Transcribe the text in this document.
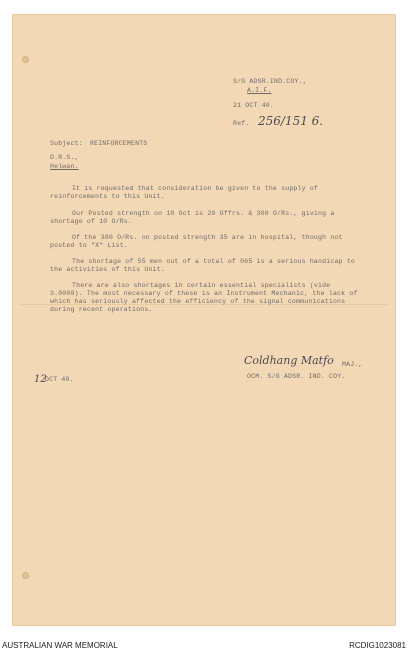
S/G ADSR.IND.COY.,
A.I.F.
21 OCT 40.
Ref. 256/151 6.
Subject: REINFORCEMENTS
D.R.S.,
Helwan.
It is requested that consideration be given to the supply of reinforcements to this Unit.
Our Posted strength on 10 Oct is 20 Offrs. & 300 O/Rs., giving a shortage of 10 O/Rs.
Of the 300 O/Rs. on posted strength 35 are in hospital, though not posted to "X" List.
The shortage of 55 men out of a total of 065 is a serious handicap to the activities of this Unit.
There are also shortages in certain essential specialists (vide 3.0000). The most necessary of these is an Instrument Mechanic, the lack of which has seriously affected the efficiency of the signal communications during recent operations.
12
OCT 40.
Coldhang Matfo MAJ.,
OCM. S/G ADSR. IND. COY.
AUSTRALIAN WAR MEMORIAL	RCDIG1023081
